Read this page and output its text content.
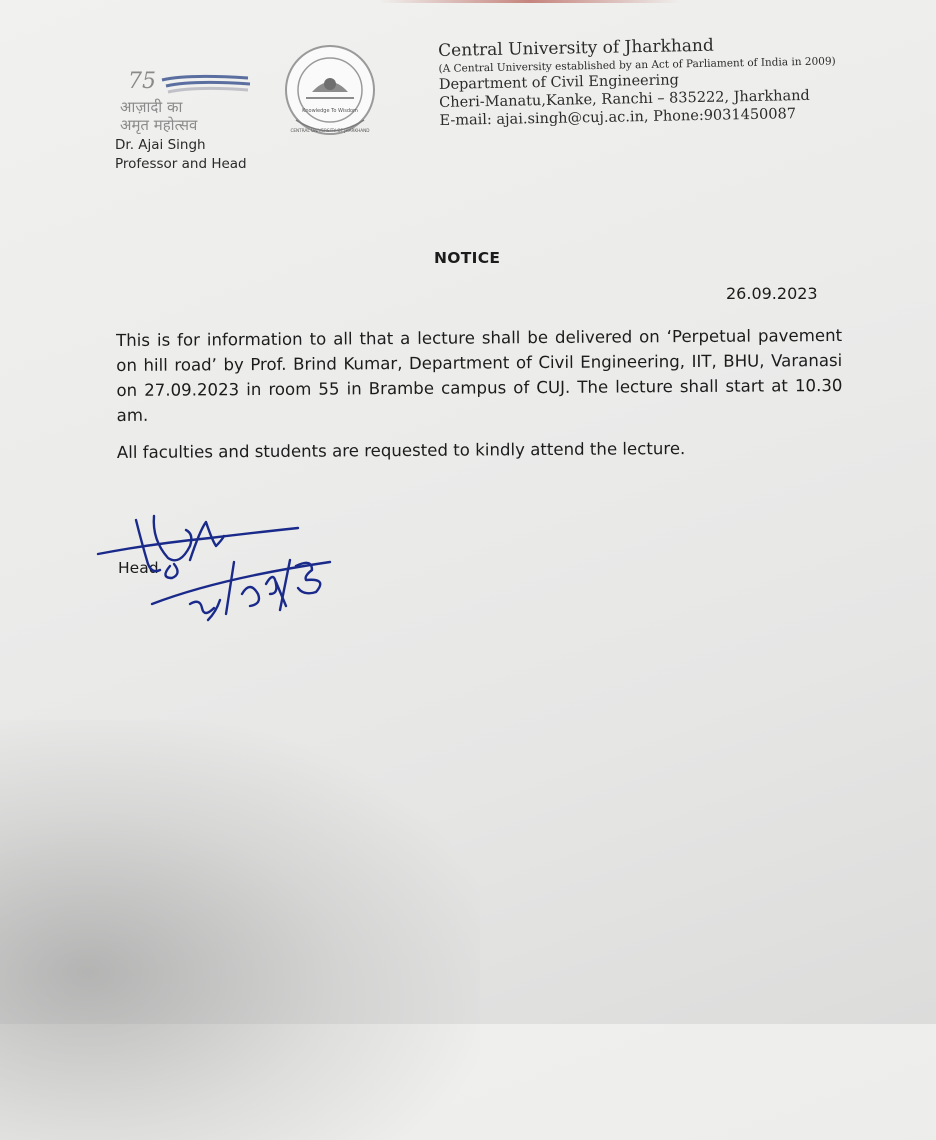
75
आज़ादी का
अमृत महोत्सव
Knowledge To Wisdom
CENTRAL UNIVERSITY OF JHARKHAND
Dr. Ajai Singh
Professor and Head
Central University of Jharkhand
(A Central University established by an Act of Parliament of India in 2009)
Department of Civil Engineering
Cheri-Manatu,Kanke, Ranchi – 835222, Jharkhand
E-mail: ajai.singh@cuj.ac.in, Phone:9031450087
NOTICE
26.09.2023

This is for information to all that a lecture shall be delivered on ‘Perpetual pavement on hill road’ by Prof. Brind Kumar, Department of Civil Engineering, IIT, BHU, Varanasi on 27.09.2023 in room 55 in Brambe campus of CUJ. The lecture shall start at 10.30 am.

All faculties and students are requested to kindly attend the lecture.

Head
